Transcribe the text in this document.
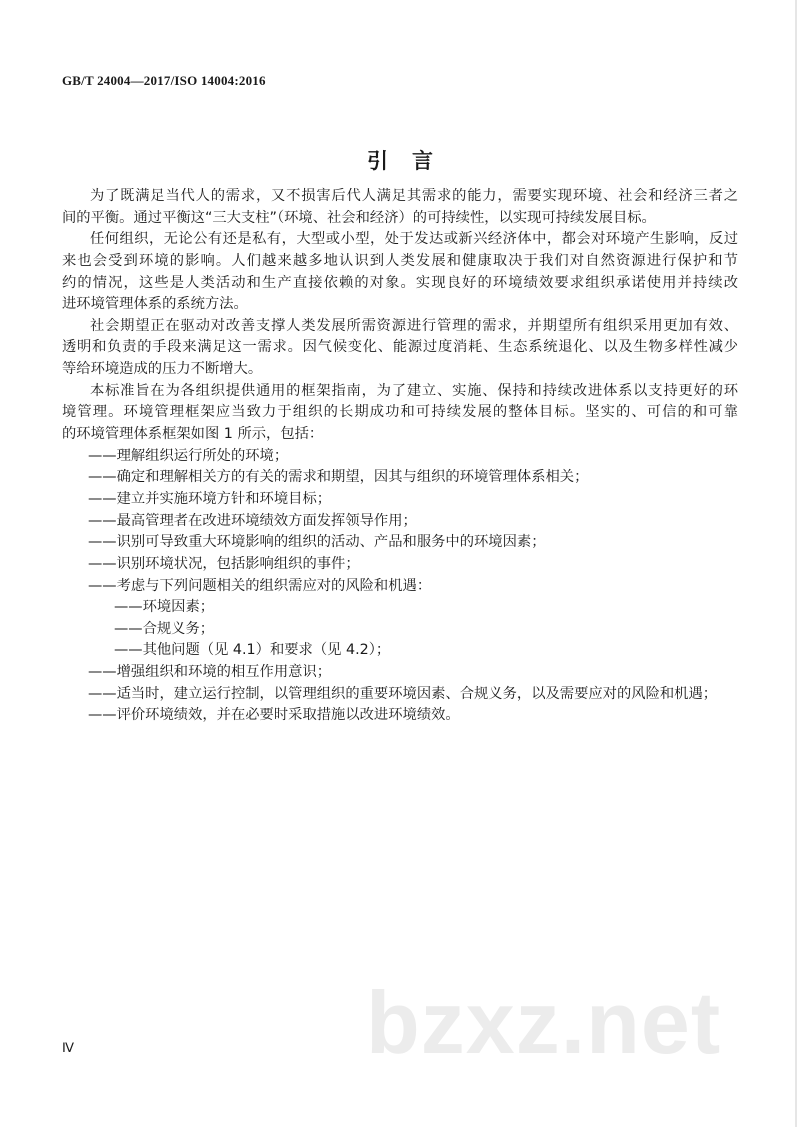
GB/T 24004—2017/ISO 14004:2016
引言
为了既满足当代人的需求，又不损害后代人满足其需求的能力，需要实现环境、社会和经济三者之
间的平衡。通过平衡这“三大支柱”（环境、社会和经济）的可持续性，以实现可持续发展目标。
任何组织，无论公有还是私有，大型或小型，处于发达或新兴经济体中，都会对环境产生影响，反过
来也会受到环境的影响。人们越来越多地认识到人类发展和健康取决于我们对自然资源进行保护和节
约的情况，这些是人类活动和生产直接依赖的对象。实现良好的环境绩效要求组织承诺使用并持续改
进环境管理体系的系统方法。
社会期望正在驱动对改善支撑人类发展所需资源进行管理的需求，并期望所有组织采用更加有效、
透明和负责的手段来满足这一需求。因气候变化、能源过度消耗、生态系统退化、以及生物多样性减少
等给环境造成的压力不断增大。
本标准旨在为各组织提供通用的框架指南，为了建立、实施、保持和持续改进体系以支持更好的环
境管理。环境管理框架应当致力于组织的长期成功和可持续发展的整体目标。坚实的、可信的和可靠
的环境管理体系框架如图 1 所示，包括：
——理解组织运行所处的环境；
——确定和理解相关方的有关的需求和期望，因其与组织的环境管理体系相关；
——建立并实施环境方针和环境目标；
——最高管理者在改进环境绩效方面发挥领导作用；
——识别可导致重大环境影响的组织的活动、产品和服务中的环境因素；
——识别环境状况，包括影响组织的事件；
——考虑与下列问题相关的组织需应对的风险和机遇：
——环境因素；
——合规义务；
——其他问题（见 4.1）和要求（见 4.2）；
——增强组织和环境的相互作用意识；
——适当时，建立运行控制，以管理组织的重要环境因素、合规义务，以及需要应对的风险和机遇；
——评价环境绩效，并在必要时采取措施以改进环境绩效。
Ⅳ	bzxz.net
